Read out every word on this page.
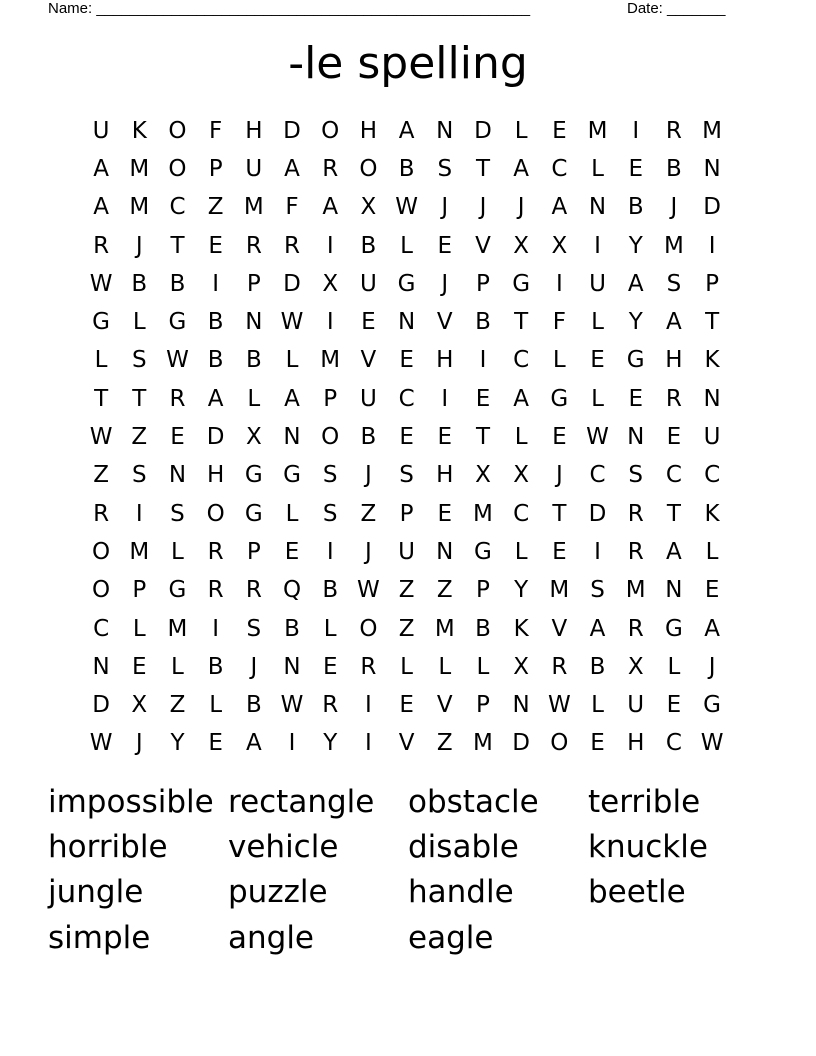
Name: ____________________________________________________	Date: _______
-le spelling
U K O F H D O H A N D L	E M	I	R M
A M O P U A R O B S	T	A C	L	E	B N
A M C Z M F	A X W	J	J	J	A N B	J	D
R	J	T	E R R	I	B	L	E	V X X	I	Y M	I
W B B	I	P D X U G	J	P G	I	U A	S	P
G L G B N W	I	E N V B	T	F	L	Y	A	T
L	S W B B	L M V	E H	I	C	L	E G H K
T	T	R A	L	A	P U C	I	E	A G L	E R N
W Z	E D X N O B	E	E	T	L	E W N E U
Z	S N H G G S	J	S H X X	J	C S C C
R	I	S O G L	S	Z	P	E M C	T D R	T	K
O M L	R	P	E	I	J	U N G L	E	I	R A	L
O P G R R Q B W Z Z	P	Y M S M N E
C	L M	I	S	B	L O Z M B K V A R G A
N E	L	B	J	N E R	L	L	L	X R B X	L	J
D X Z	L	B W R	I	E	V	P N W L	U E G
W	J	Y	E	A	I	Y	I	V Z M D O E H C W
impossible rectangle	obstacle	terrible
horrible	vehicle	disable	knuckle
jungle	puzzle	handle	beetle
simple	angle	eagle
